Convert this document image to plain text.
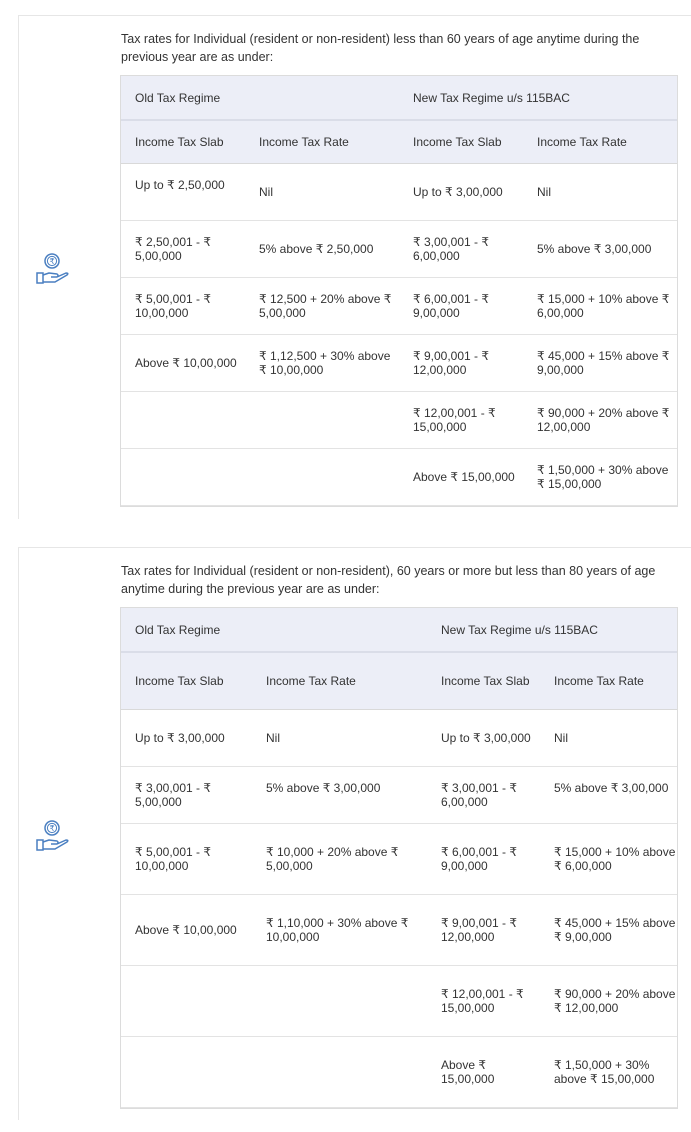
₹
Tax rates for Individual (resident or non-resident) less than 60 years of age anytime during the previous year are as under:
Old Tax Regime		New Tax Regime u/s 115BAC	
Income Tax Slab	Income Tax Rate	Income Tax Slab	Income Tax Rate
Up to ₹ 2,50,000	Nil	Up to ₹ 3,00,000	Nil
₹ 2,50,001 - ₹ 5,00,000	5% above ₹ 2,50,000	₹ 3,00,001 - ₹ 6,00,000	5% above ₹ 3,00,000
₹ 5,00,001 - ₹ 10,00,000	₹ 12,500 + 20% above ₹ 5,00,000	₹ 6,00,001 - ₹ 9,00,000	₹ 15,000 + 10% above ₹ 6,00,000
Above ₹ 10,00,000	₹ 1,12,500 + 30% above ₹ 10,00,000	₹ 9,00,001 - ₹ 12,00,000	₹ 45,000 + 15% above ₹ 9,00,000
		₹ 12,00,001 - ₹ 15,00,000	₹ 90,000 + 20% above ₹ 12,00,000
		Above ₹ 15,00,000	₹ 1,50,000 + 30% above ₹ 15,00,000
₹
Tax rates for Individual (resident or non-resident), 60 years or more but less than 80 years of age anytime during the previous year are as under:
Old Tax Regime		New Tax Regime u/s 115BAC	
Income Tax Slab	Income Tax Rate	Income Tax Slab	Income Tax Rate
Up to ₹ 3,00,000	Nil	Up to ₹ 3,00,000	Nil
₹ 3,00,001 - ₹ 5,00,000	5% above ₹ 3,00,000	₹ 3,00,001 - ₹ 6,00,000	5% above ₹ 3,00,000
₹ 5,00,001 - ₹ 10,00,000	₹ 10,000 + 20% above ₹ 5,00,000	₹ 6,00,001 - ₹ 9,00,000	₹ 15,000 + 10% above ₹ 6,00,000
Above ₹ 10,00,000	₹ 1,10,000 + 30% above ₹ 10,00,000	₹ 9,00,001 - ₹ 12,00,000	₹ 45,000 + 15% above ₹ 9,00,000
		₹ 12,00,001 - ₹ 15,00,000	₹ 90,000 + 20% above ₹ 12,00,000
		Above ₹ 15,00,000	₹ 1,50,000 + 30% above ₹ 15,00,000
